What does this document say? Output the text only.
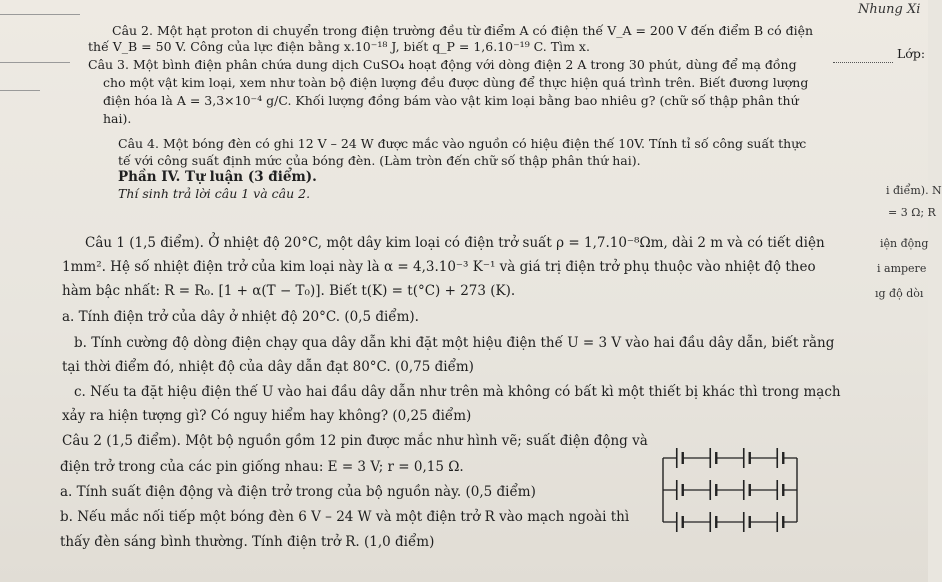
Nhung Xi
Lớp:
Câu 2. Một hạt proton di chuyển trong điện trường đều từ điểm A có điện thế V_A = 200 V đến điểm B có điện
thế V_B = 50 V. Công của lực điện bằng x.10⁻¹⁸ J, biết q_P = 1,6.10⁻¹⁹ C. Tìm x.
Câu 3. Một bình điện phân chứa dung dịch CuSO₄ hoạt động với dòng điện 2 A trong 30 phút, dùng để mạ đồng
cho một vật kim loại, xem như toàn bộ điện lượng đều được dùng để thực hiện quá trình trên. Biết đương lượng
điện hóa là A = 3,3×10⁻⁴ g/C. Khối lượng đồng bám vào vật kim loại bằng bao nhiêu g? (chữ số thập phân thứ
hai).
Câu 4. Một bóng đèn có ghi 12 V – 24 W được mắc vào nguồn có hiệu điện thế 10V. Tính tỉ số công suất thực
tế với công suất định mức của bóng đèn. (Làm tròn đến chữ số thập phân thứ hai).
Phần IV. Tự luận (3 điểm).
Thí sinh trả lời câu 1 và câu 2.	i điểm). N
= 3 Ω; R
iện động
i ampere
ıg độ dòı
Câu 1 (1,5 điểm). Ở nhiệt độ 20°C, một dây kim loại có điện trở suất ρ = 1,7.10⁻⁸Ωm, dài 2 m và có tiết diện
1mm². Hệ số nhiệt điện trở của kim loại này là α = 4,3.10⁻³ K⁻¹ và giá trị điện trở phụ thuộc vào nhiệt độ theo
hàm bậc nhất: R = R₀. [1 + α(T − T₀)]. Biết t(K) = t(°C) + 273 (K).
a. Tính điện trở của dây ở nhiệt độ 20°C. (0,5 điểm).
b. Tính cường độ dòng điện chạy qua dây dẫn khi đặt một hiệu điện thế U = 3 V vào hai đầu dây dẫn, biết rằng
tại thời điểm đó, nhiệt độ của dây dẫn đạt 80°C. (0,75 điểm)
c. Nếu ta đặt hiệu điện thế U vào hai đầu dây dẫn như trên mà không có bất kì một thiết bị khác thì trong mạch
xảy ra hiện tượng gì? Có nguy hiểm hay không? (0,25 điểm)
Câu 2 (1,5 điểm). Một bộ nguồn gồm 12 pin được mắc như hình vẽ; suất điện động và
điện trở trong của các pin giống nhau: E = 3 V; r = 0,15 Ω.
a. Tính suất điện động và điện trở trong của bộ nguồn này. (0,5 điểm)
b. Nếu mắc nối tiếp một bóng đèn 6 V – 24 W và một điện trở R vào mạch ngoài thì
thấy đèn sáng bình thường. Tính điện trở R. (1,0 điểm)
